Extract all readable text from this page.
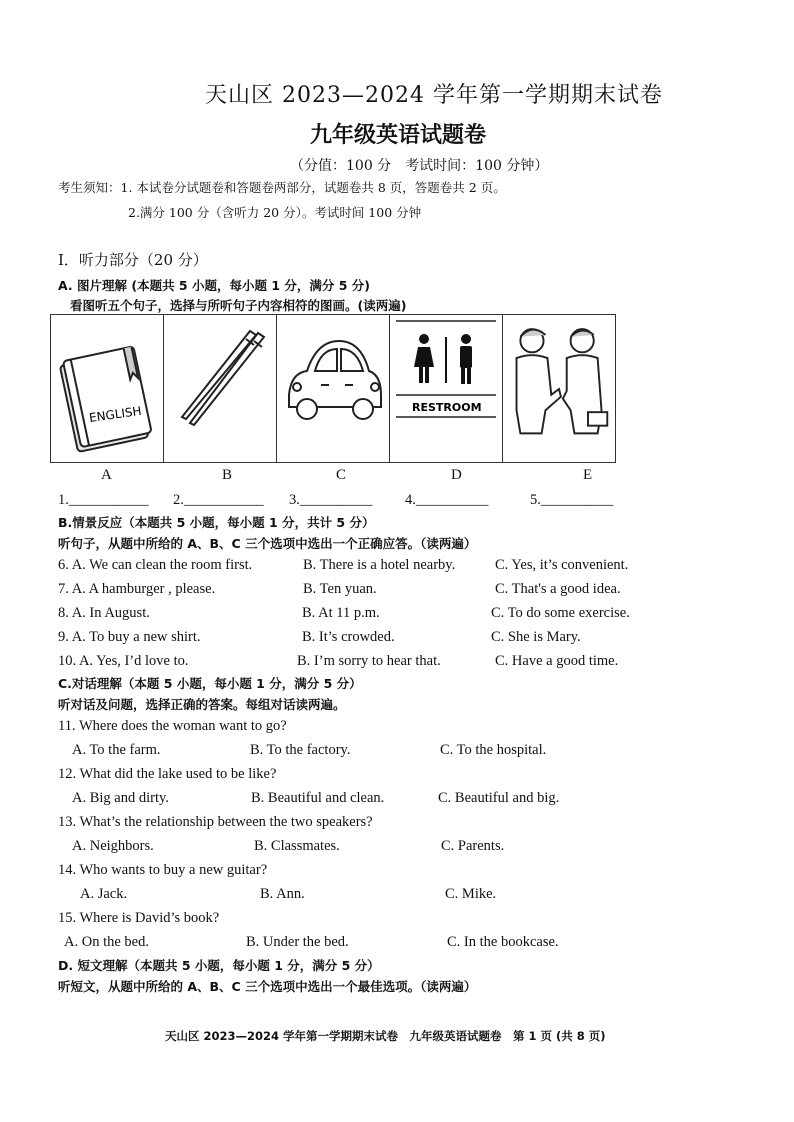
天山区 2023—2024 学年第一学期期末试卷
九年级英语试题卷
（分值：100 分　考试时间：100 分钟）
考生须知：1. 本试卷分试题卷和答题卷两部分，试题卷共 8 页，答题卷共 2 页。
2.满分 100 分（含听力 20 分）。考试时间 100 分钟
I．听力部分（20 分）
A. 图片理解 (本题共 5 小题，每小题 1 分，满分 5 分)
看图听五个句子，选择与所听句子内容相符的图画。(读两遍)
ENGLISH	RESTROOM
A	B	C	D	E
1.___________ 2.___________ 3.__________ 4.__________	5.__________
B.情景反应（本题共 5 小题，每小题 1 分，共计 5 分）
听句子，从题中所给的 A、B、C 三个选项中选出一个正确应答。（读两遍）
6. A. We can clean the room first.	B. There is a hotel nearby.	C. Yes, it’s convenient.
7. A. A hamburger , please.	B. Ten yuan.	C. That's a good idea.
8. A. In August.	B. At 11 p.m.	C. To do some exercise.
9. A. To buy a new shirt.	B. It’s crowded.	C. She is Mary.
10. A. Yes, I’d love to.	B. I’m sorry to hear that.	C. Have a good time.
C.对话理解（本题 5 小题，每小题 1 分，满分 5 分）
听对话及问题，选择正确的答案。每组对话读两遍。
11. Where does the woman want to go?
A. To the farm.	B. To the factory.	C. To the hospital.
12. What did the lake used to be like?
A. Big and dirty.	B. Beautiful and clean.	C. Beautiful and big.
13. What’s the relationship between the two speakers?
A. Neighbors.	B. Classmates.	C. Parents.
14. Who wants to buy a new guitar?
A. Jack.	B. Ann.	C. Mike.
15. Where is David’s book?
A. On the bed.	B. Under the bed.	C. In the bookcase.
D. 短文理解（本题共 5 小题，每小题 1 分，满分 5 分）
听短文，从题中所给的 A、B、C 三个选项中选出一个最佳选项。（读两遍）
天山区 2023—2024 学年第一学期期末试卷　九年级英语试题卷　第 1 页 (共 8 页)
